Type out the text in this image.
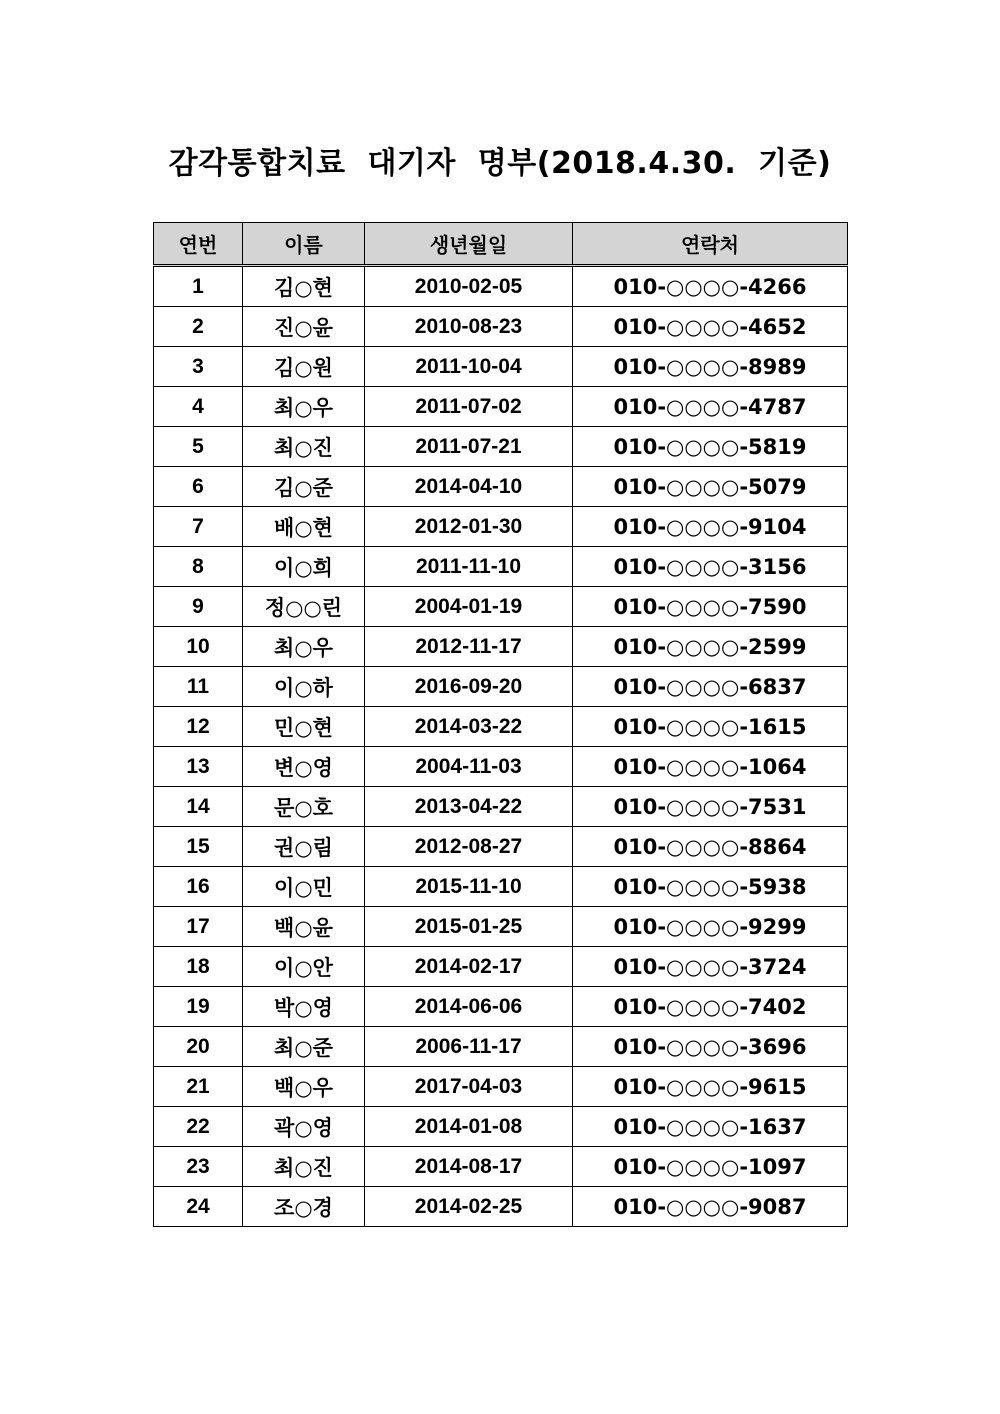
감각통합치료  대기자  명부(2018.4.30.  기준)
연번	이름	생년월일	연락처
1	김○현	2010-02-05	010-○○○○-4266
2	진○윤	2010-08-23	010-○○○○-4652
3	김○원	2011-10-04	010-○○○○-8989
4	최○우	2011-07-02	010-○○○○-4787
5	최○진	2011-07-21	010-○○○○-5819
6	김○준	2014-04-10	010-○○○○-5079
7	배○현	2012-01-30	010-○○○○-9104
8	이○희	2011-11-10	010-○○○○-3156
9	정○○린	2004-01-19	010-○○○○-7590
10	최○우	2012-11-17	010-○○○○-2599
11	이○하	2016-09-20	010-○○○○-6837
12	민○현	2014-03-22	010-○○○○-1615
13	변○영	2004-11-03	010-○○○○-1064
14	문○호	2013-04-22	010-○○○○-7531
15	권○림	2012-08-27	010-○○○○-8864
16	이○민	2015-11-10	010-○○○○-5938
17	백○윤	2015-01-25	010-○○○○-9299
18	이○안	2014-02-17	010-○○○○-3724
19	박○영	2014-06-06	010-○○○○-7402
20	최○준	2006-11-17	010-○○○○-3696
21	백○우	2017-04-03	010-○○○○-9615
22	곽○영	2014-01-08	010-○○○○-1637
23	최○진	2014-08-17	010-○○○○-1097
24	조○경	2014-02-25	010-○○○○-9087
